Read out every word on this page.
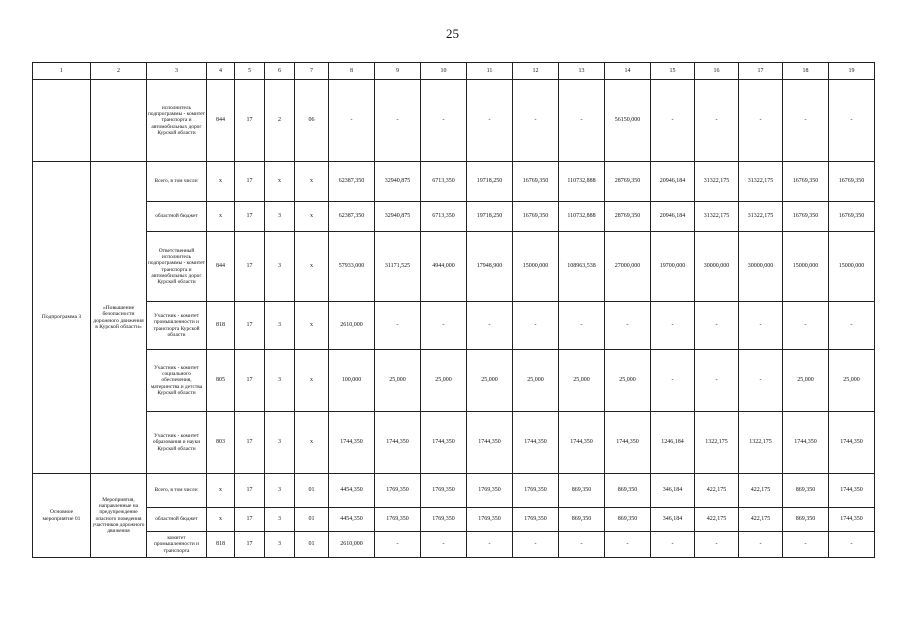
25
1	2	3	4	5	6	7	8	9	10	11	12	13	14	15	16	17	18	19
		исполнитель подпрограммы - комитет транспорта и автомобильных дорог Курской области	844	17	2	06	-	-	-	-	-	-	56150,000	-	-	-	-	-
Подпрограмма 3	«Повышение безопасности дорожного движения в Курской области»	Всего, в том числе:	х	17	х	х	62387,350	32940,875	6713,350	19718,250	16769,350	110732,888	28769,350	20946,184	31322,175	31322,175	16769,350	16769,350
		областной бюджет	х	17	3	х	62387,350	32940,875	6713,350	19718,250	16769,350	110732,888	28769,350	20946,184	31322,175	31322,175	16769,350	16769,350
		Ответственный исполнитель подпрограммы - комитет транспорта и автомобильных дорог Курской области	844	17	3	х	57933,000	31171,525	4944,000	17948,900	15000,000	108963,538	27000,000	19700,000	30000,000	30000,000	15000,000	15000,000
		Участник - комитет промышленности и транспорта Курской области	818	17	3	х	2610,000	-	-	-	-	-	-	-	-	-	-	-
		Участник - комитет социального обеспечения, материнства и детства Курской области	805	17	3	х	100,000	25,000	25,000	25,000	25,000	25,000	25,000	-	-	-	25,000	25,000
		Участник - комитет образования и науки Курской области	803	17	3	х	1744,350	1744,350	1744,350	1744,350	1744,350	1744,350	1744,350	1246,184	1322,175	1322,175	1744,350	1744,350
Основное мероприятие 01	Мероприятия, направленные на предупреждение опасного поведения участников дорожного движения	Всего, в том числе:	х	17	3	01	4454,350	1769,350	1769,350	1769,350	1769,350	869,350	869,350	346,184	422,175	422,175	869,350	1744,350
		областной бюджет	х	17	3	01	4454,350	1769,350	1769,350	1769,350	1769,350	869,350	869,350	346,184	422,175	422,175	869,350	1744,350
		комитет промышленности и транспорта	818	17	3	01	2610,000	-	-	-	-	-	-	-	-	-	-	-
